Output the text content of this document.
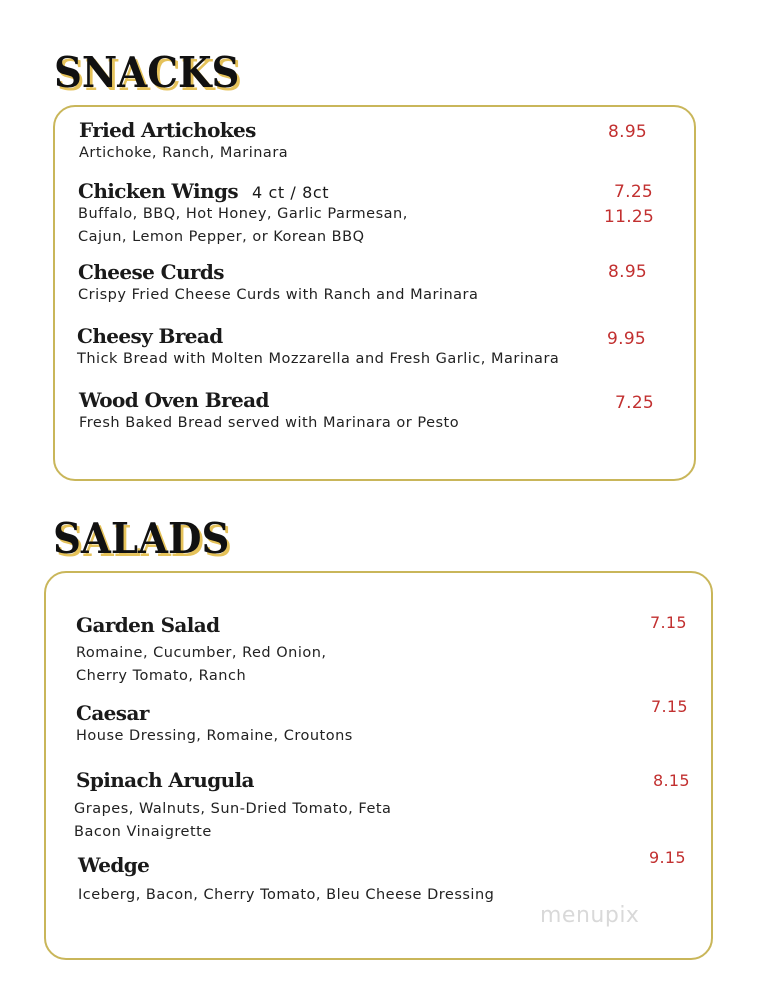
SNACKS
Fried Artichokes
Artichoke, Ranch, Marinara
8.95
Chicken Wings 4 ct / 8ct
Buffalo, BBQ, Hot Honey, Garlic Parmesan,
Cajun, Lemon Pepper, or Korean BBQ
7.25
11.25
Cheese Curds
Crispy Fried Cheese Curds with Ranch and Marinara
8.95
Cheesy Bread
Thick Bread with Molten Mozzarella and Fresh Garlic, Marinara
9.95
Wood Oven Bread
Fresh Baked Bread served with Marinara or Pesto
7.25
SALADS
Garden Salad
Romaine, Cucumber, Red Onion,
Cherry Tomato, Ranch
7.15
Caesar
House Dressing, Romaine, Croutons
7.15
Spinach Arugula
Grapes, Walnuts, Sun-Dried Tomato, Feta
Bacon Vinaigrette
8.15
Wedge
Iceberg, Bacon, Cherry Tomato, Bleu Cheese Dressing
9.15
menupix
